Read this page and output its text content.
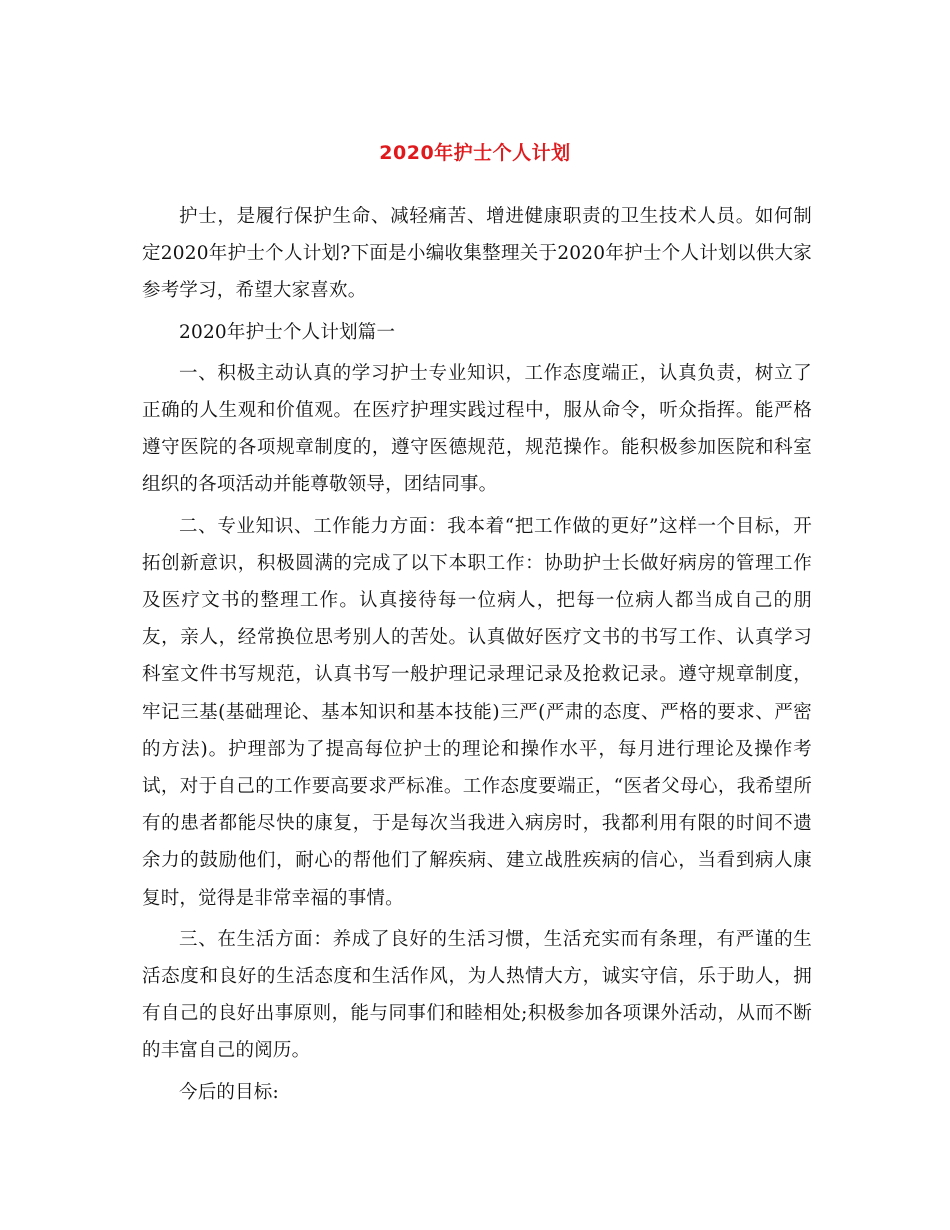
2020年护士个人计划

护士，是履行保护生命、减轻痛苦、增进健康职责的卫生技术人员。如何制定2020年护士个人计划?下面是小编收集整理关于2020年护士个人计划以供大家参考学习，希望大家喜欢。

2020年护士个人计划篇一

一、积极主动认真的学习护士专业知识，工作态度端正，认真负责，树立了正确的人生观和价值观。在医疗护理实践过程中，服从命令，听众指挥。能严格遵守医院的各项规章制度的，遵守医德规范，规范操作。能积极参加医院和科室组织的各项活动并能尊敬领导，团结同事。

二、专业知识、工作能力方面：我本着“把工作做的更好”这样一个目标，开拓创新意识，积极圆满的完成了以下本职工作：协助护士长做好病房的管理工作及医疗文书的整理工作。认真接待每一位病人，把每一位病人都当成自己的朋友，亲人，经常换位思考别人的苦处。认真做好医疗文书的书写工作、认真学习科室文件书写规范，认真书写一般护理记录理记录及抢救记录。遵守规章制度，牢记三基(基础理论、基本知识和基本技能)三严(严肃的态度、严格的要求、严密的方法)。护理部为了提高每位护士的理论和操作水平，每月进行理论及操作考试，对于自己的工作要高要求严标准。工作态度要端正，“医者父母心，我希望所有的患者都能尽快的康复，于是每次当我进入病房时，我都利用有限的时间不遗余力的鼓励他们，耐心的帮他们了解疾病、建立战胜疾病的信心，当看到病人康复时，觉得是非常幸福的事情。

三、在生活方面：养成了良好的生活习惯，生活充实而有条理，有严谨的生活态度和良好的生活态度和生活作风，为人热情大方，诚实守信，乐于助人，拥有自己的良好出事原则，能与同事们和睦相处;积极参加各项课外活动，从而不断的丰富自己的阅历。

今后的目标:
